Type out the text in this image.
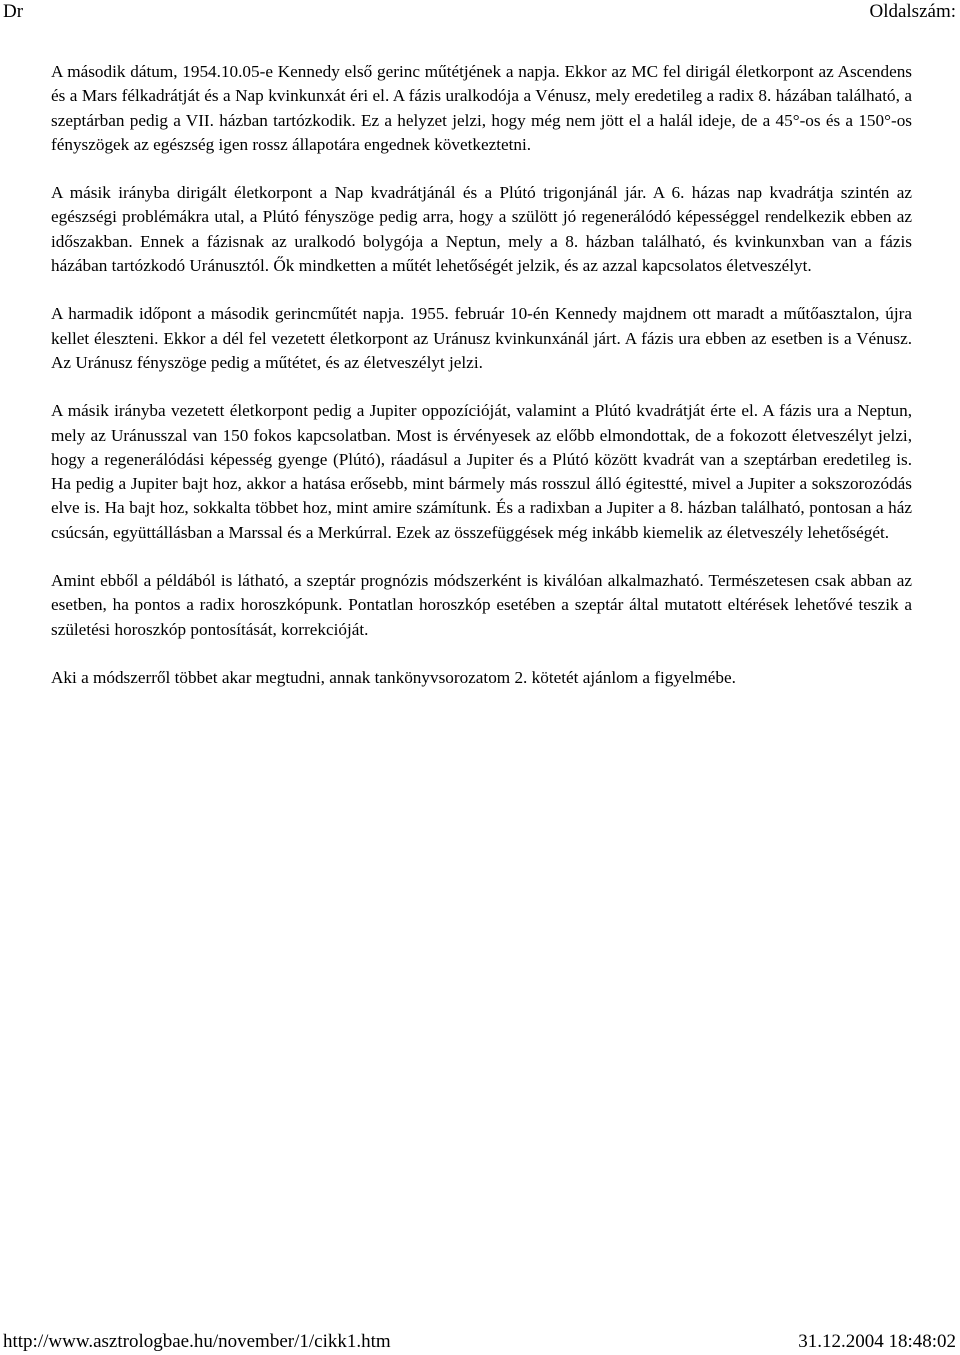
Dr	Oldalszám:

A második dátum, 1954.10.05-e Kennedy első gerinc műtétjének a napja. Ekkor az MC fel dirigál életkorpont az Ascendens és a Mars félkadrátját és a Nap kvinkunxát éri el. A fázis uralkodója a Vénusz, mely eredetileg a radix 8. házában található, a szeptárban pedig a VII. házban tartózkodik. Ez a helyzet jelzi, hogy még nem jött el a halál ideje, de a 45°-os és a 150°-os fényszögek az egészség igen rossz állapotára engednek következtetni.

A másik irányba dirigált életkorpont a Nap kvadrátjánál és a Plútó trigonjánál jár. A 6. házas nap kvadrátja szintén az egészségi problémákra utal, a Plútó fényszöge pedig arra, hogy a szülött jó regenerálódó képességgel rendelkezik ebben az időszakban. Ennek a fázisnak az uralkodó bolygója a Neptun, mely a 8. házban található, és kvinkunxban van a fázis házában tartózkodó Uránusztól. Ők mindketten a műtét lehetőségét jelzik, és az azzal kapcsolatos életveszélyt.

A harmadik időpont a második gerincműtét napja. 1955. február 10-én Kennedy majdnem ott maradt a műtőasztalon, újra kellet éleszteni. Ekkor a dél fel vezetett életkorpont az Uránusz kvinkunxánál járt. A fázis ura ebben az esetben is a Vénusz. Az Uránusz fényszöge pedig a műtétet, és az életveszélyt jelzi.

A másik irányba vezetett életkorpont pedig a Jupiter oppozícióját, valamint a Plútó kvadrátját érte el. A fázis ura a Neptun, mely az Uránusszal van 150 fokos kapcsolatban. Most is érvényesek az előbb elmondottak, de a fokozott életveszélyt jelzi, hogy a regenerálódási képesség gyenge (Plútó), ráadásul a Jupiter és a Plútó között kvadrát van a szeptárban eredetileg is. Ha pedig a Jupiter bajt hoz, akkor a hatása erősebb, mint bármely más rosszul álló égitestté, mivel a Jupiter a sokszorozódás elve is. Ha bajt hoz, sokkalta többet hoz, mint amire számítunk. És a radixban a Jupiter a 8. házban található, pontosan a ház csúcsán, együttállásban a Marssal és a Merkúrral. Ezek az összefüggések még inkább kiemelik az életveszély lehetőségét.

Amint ebből a példából is látható, a szeptár prognózis módszerként is kiválóan alkalmazható. Természetesen csak abban az esetben, ha pontos a radix horoszkópunk. Pontatlan horoszkóp esetében a szeptár által mutatott eltérések lehetővé teszik a születési horoszkóp pontosítását, korrekcióját.

Aki a módszerről többet akar megtudni, annak tankönyvsorozatom 2. kötetét ajánlom a figyelmébe.

http://www.asztrologbae.hu/november/1/cikk1.htm	31.12.2004 18:48:02
